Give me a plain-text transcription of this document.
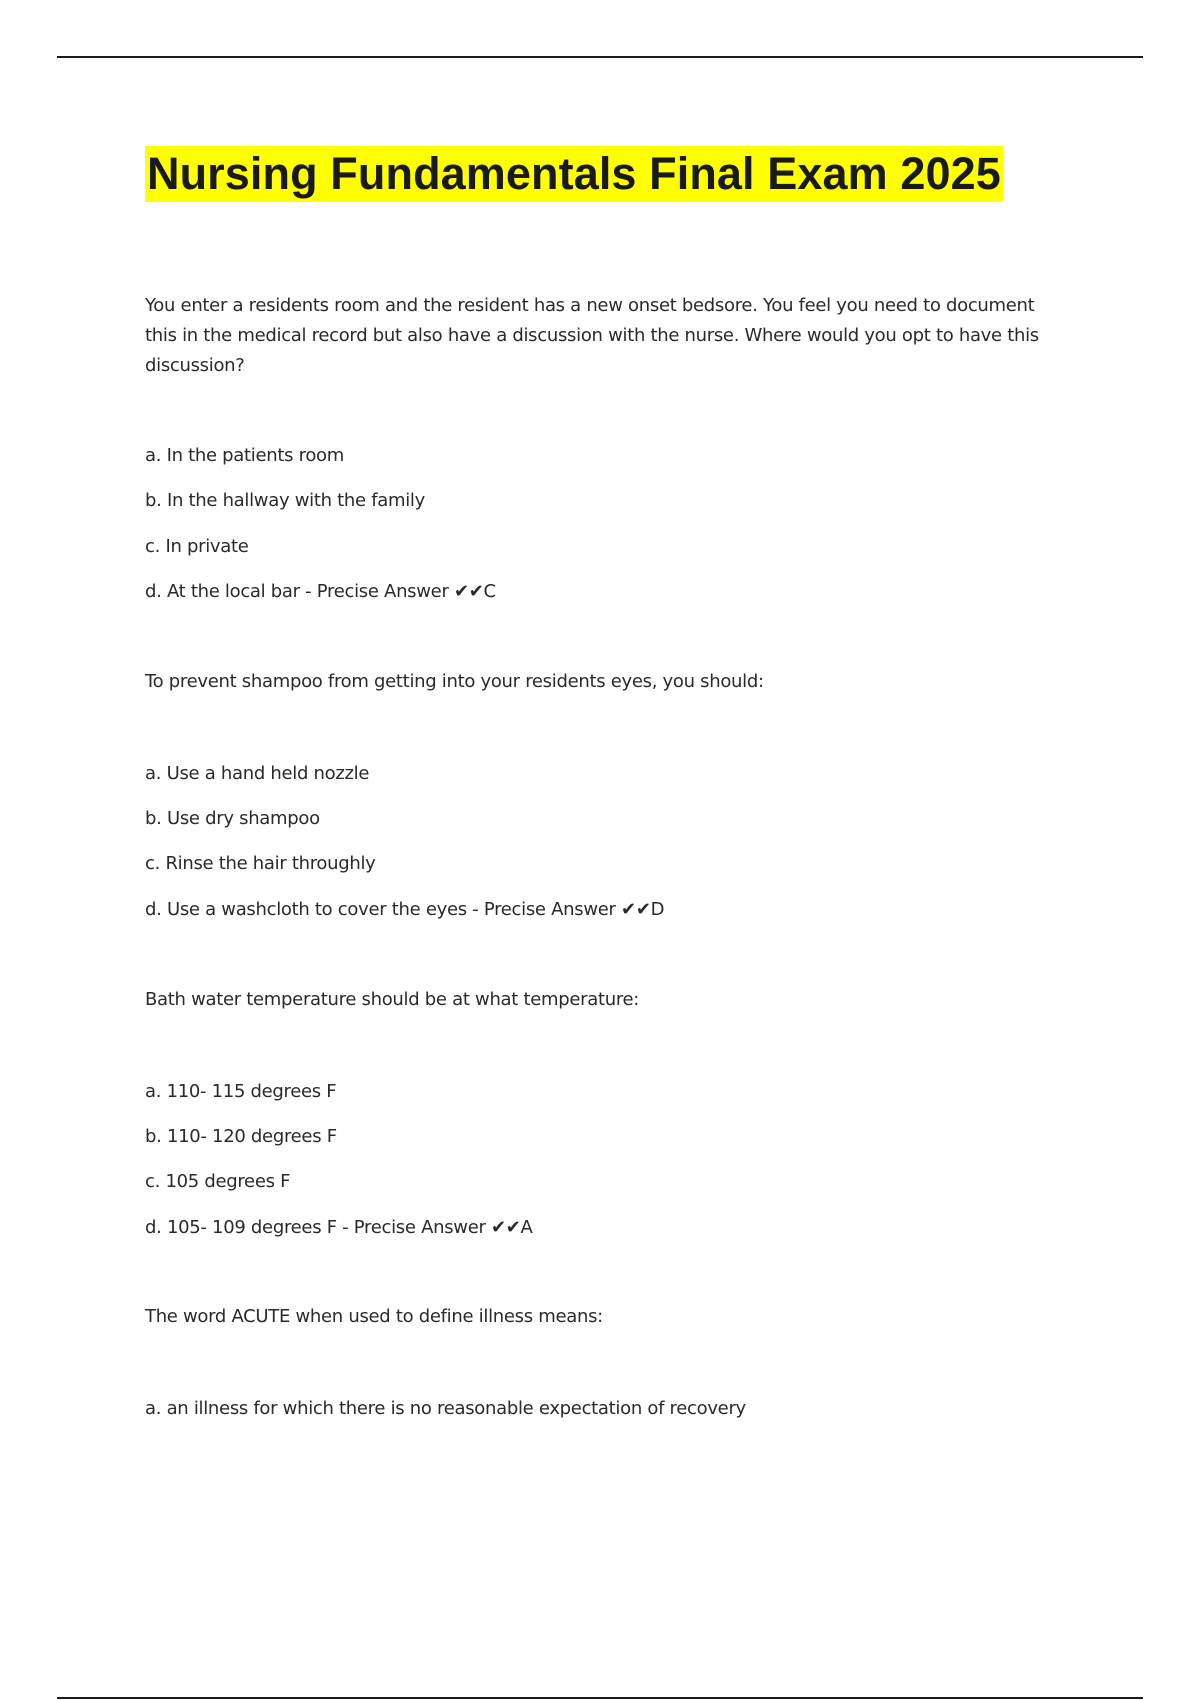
Nursing Fundamentals Final Exam 2025
You enter a residents room and the resident has a new onset bedsore. You feel you need to document this in the medical record but also have a discussion with the nurse. Where would you opt to have this discussion?
a. In the patients room
b. In the hallway with the family
c. In private
d. At the local bar - Precise Answer ✔✔C
To prevent shampoo from getting into your residents eyes, you should:
a. Use a hand held nozzle
b. Use dry shampoo
c. Rinse the hair throughly
d. Use a washcloth to cover the eyes - Precise Answer ✔✔D
Bath water temperature should be at what temperature:
a. 110- 115 degrees F
b. 110- 120 degrees F
c. 105 degrees F
d. 105- 109 degrees F - Precise Answer ✔✔A
The word ACUTE when used to define illness means:
a. an illness for which there is no reasonable expectation of recovery
